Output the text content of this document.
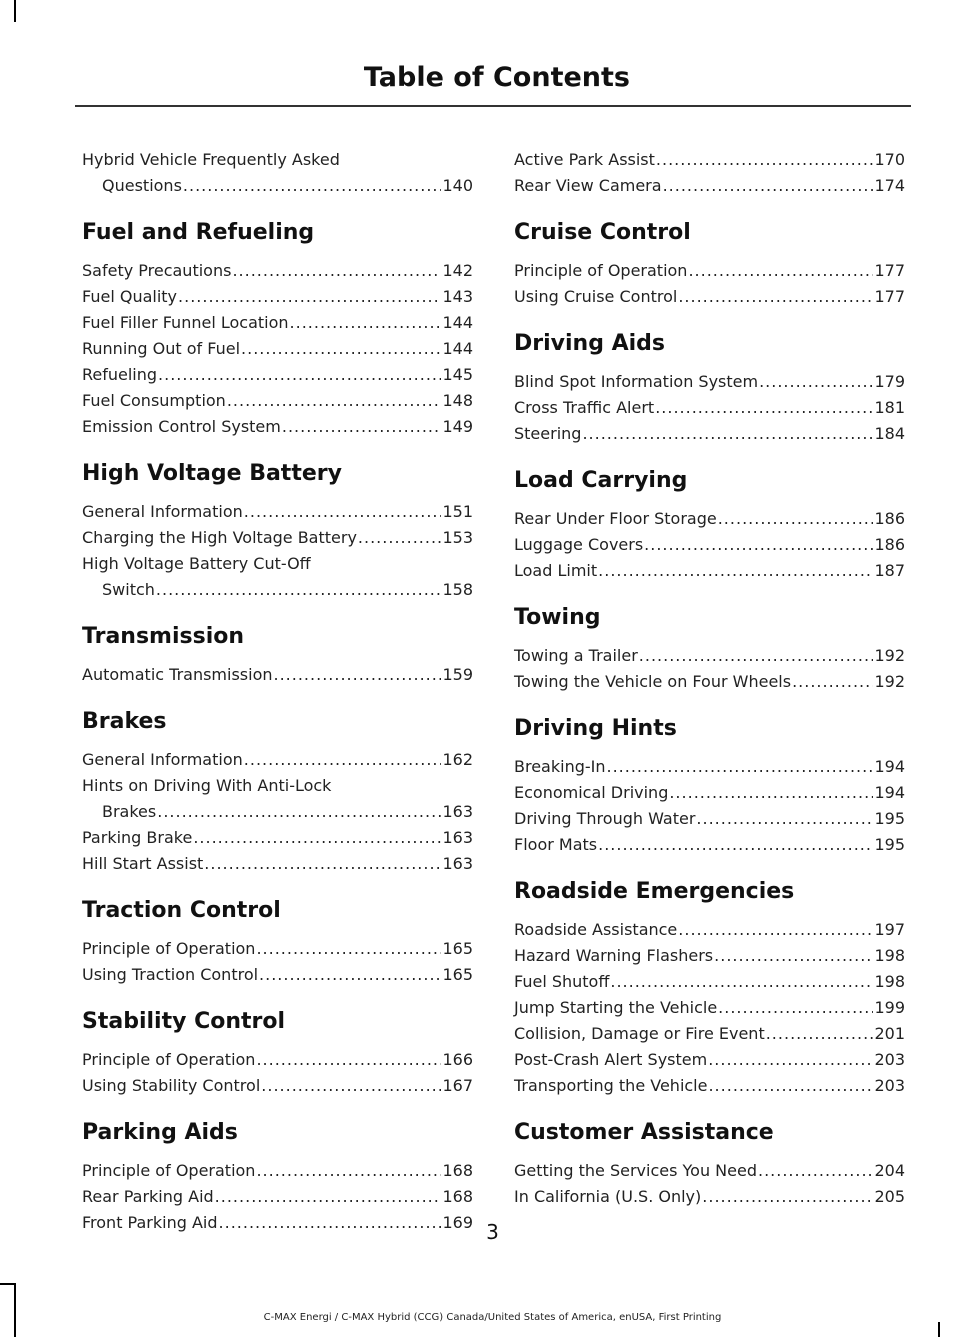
Table of Contents
Hybrid Vehicle Frequently Asked
Questions .....	140
Fuel and Refueling
Safety Precautions .....	142
Fuel Quality .....	143
Fuel Filler Funnel Location .....	144
Running Out of Fuel .....	144
Refueling .....	145
Fuel Consumption .....	148
Emission Control System .....	149
High Voltage Battery
General Information .....	151
Charging the High Voltage Battery .....	153
High Voltage Battery Cut-Off
Switch .....	158
Transmission
Automatic Transmission .....	159
Brakes
General Information .....	162
Hints on Driving With Anti-Lock
Brakes .....	163
Parking Brake .....	163
Hill Start Assist .....	163
Traction Control
Principle of Operation .....	165
Using Traction Control .....	165
Stability Control
Principle of Operation .....	166
Using Stability Control .....	167
Parking Aids
Principle of Operation .....	168
Rear Parking Aid .....	168
Front Parking Aid .....	169
Active Park Assist .....	170
Rear View Camera .....	174
Cruise Control
Principle of Operation .....	177
Using Cruise Control .....	177
Driving Aids
Blind Spot Information System .....	179
Cross Traffic Alert .....	181
Steering .....	184
Load Carrying
Rear Under Floor Storage .....	186
Luggage Covers .....	186
Load Limit .....	187
Towing
Towing a Trailer .....	192
Towing the Vehicle on Four Wheels .....	192
Driving Hints
Breaking-In .....	194
Economical Driving .....	194
Driving Through Water .....	195
Floor Mats .....	195
Roadside Emergencies
Roadside Assistance .....	197
Hazard Warning Flashers .....	198
Fuel Shutoff .....	198
Jump Starting the Vehicle .....	199
Collision, Damage or Fire Event .....	201
Post-Crash Alert System .....	203
Transporting the Vehicle .....	203
Customer Assistance
Getting the Services You Need .....	204
In California (U.S. Only) .....	205
3
C-MAX Energi / C-MAX Hybrid (CCG) Canada/United States of America, enUSA, First Printing
